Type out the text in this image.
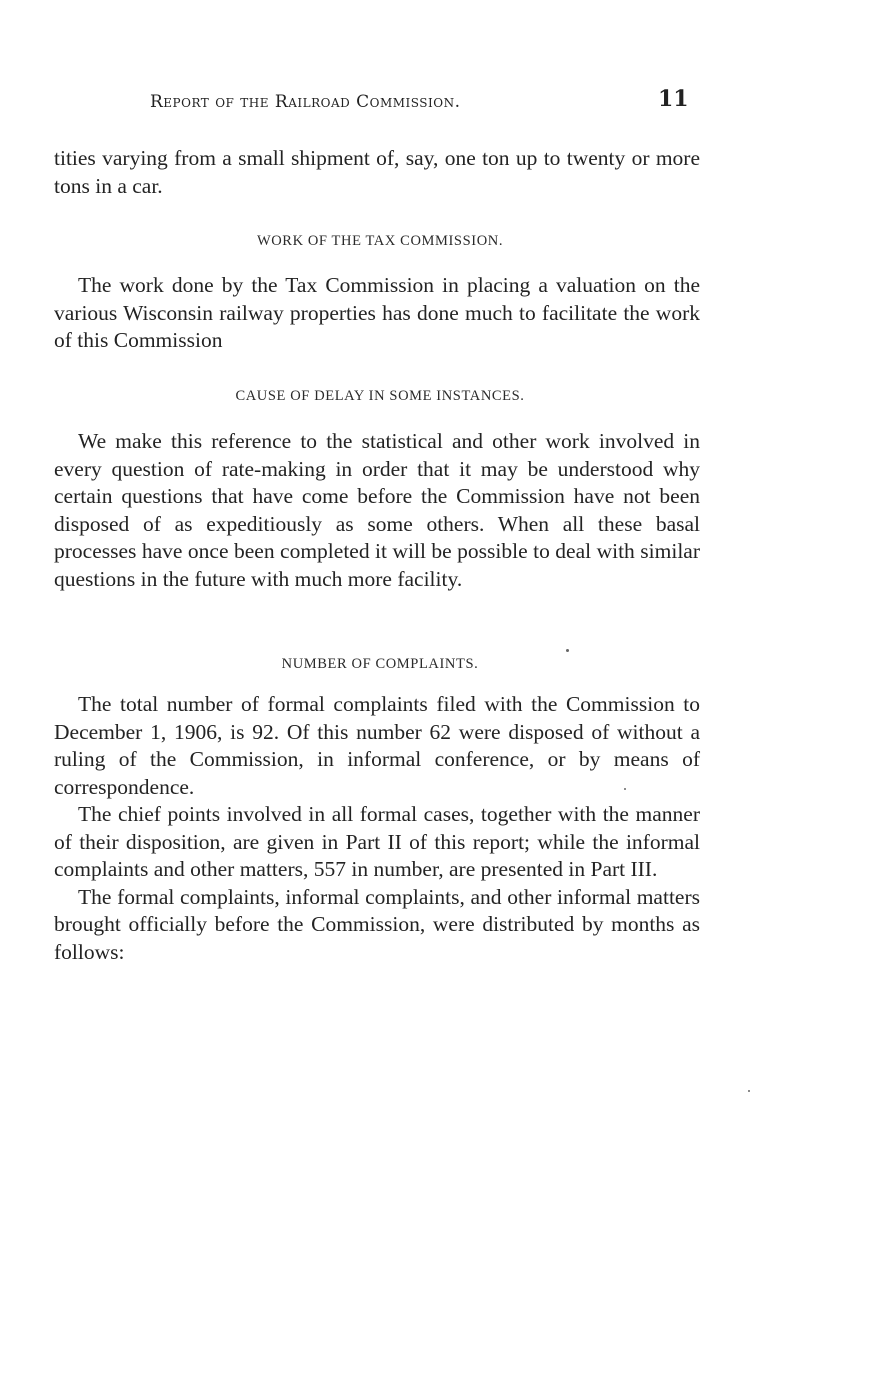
Report of the Railroad Commission.	11

tities varying from a small shipment of, say, one ton up to twenty or more tons in a car.

WORK OF THE TAX COMMISSION.

The work done by the Tax Commission in placing a valuation on the various Wisconsin railway properties has done much to facilitate the work of this Commission

CAUSE OF DELAY IN SOME INSTANCES.

We make this reference to the statistical and other work involved in every question of rate-making in order that it may be understood why certain questions that have come before the Commission have not been disposed of as expeditiously as some others. When all these basal processes have once been completed it will be possible to deal with similar questions in the future with much more facility.

NUMBER OF COMPLAINTS.

The total number of formal complaints filed with the Commission to December 1, 1906, is 92. Of this number 62 were disposed of without a ruling of the Commission, in informal conference, or by means of correspondence.

The chief points involved in all formal cases, together with the manner of their disposition, are given in Part II of this report; while the informal complaints and other matters, 557 in number, are presented in Part III.

The formal complaints, informal complaints, and other informal matters brought officially before the Commission, were distributed by months as follows:
